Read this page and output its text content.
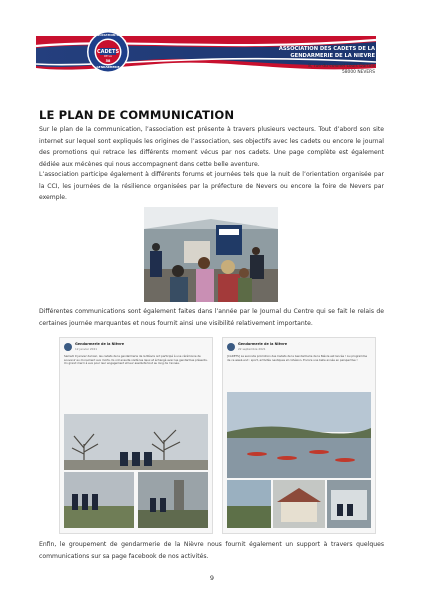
ASSOCIATION DES
CADETS
DE LA
GENDARMERIE
58
ASSOCIATION DES CADETS DE LA
GENDARMERIE DE LA NIEVRE
8, rue du colonel Louis Dartois
58000 NEVERS
LE PLAN DE COMMUNICATION
Sur le plan de la communication, l’association est présente à travers plusieurs vecteurs. Tout d’abord son site internet sur lequel sont expliqués les origines de l’association, ses objectifs avec les cadets ou encore le journal des promotions qui retrace les différents moment vécus par nos cadets. Une page complète est également dédiée aux mécènes qui nous accompagnent dans cette belle aventure.
L’association participe également à différents forums et journées tels que la nuit de l’orientation organisée par la CCI, les journées de la résilience organisées par la préfecture de Nevers ou encore la foire de Nevers par exemple.
Différentes communications sont également faites dans l’année par le Journal du Centre qui se fait le relais de certaines journée marquantes et nous fournit ainsi une visibilité relativement importante.
Gendarmerie de la Nièvre
12 janvier 2021
Samedi 9 janvier dernier, les cadets de la gendarmerie de la Nièvre ont participé à une cérémonie de souvenir au monument aux morts. Ils ont ensuite visité les lieux et échangé avec les gendarmes présents. Un grand merci à eux pour leur engagement et leur assiduité tout au long de l’année.
Gendarmerie de la Nièvre
22 septembre 2021
[CADETS] La seconde promotion des Cadets de la Gendarmerie de la Nièvre est lancée ! Au programme de ce week-end : sport, activités nautiques et cohésion. Encore une belle année en perspective !
Enfin, le groupement de gendarmerie de la Nièvre nous fournit également un support à travers quelques communications sur sa page facebook de nos activités.
9
